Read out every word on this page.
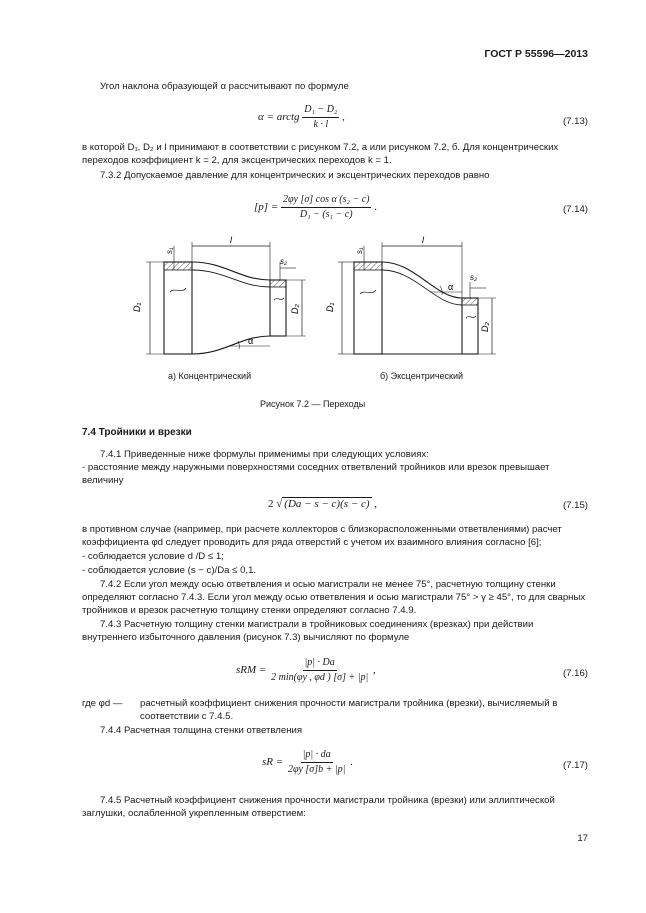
ГОСТ Р 55596—2013
Угол наклона образующей α рассчитывают по формуле
α = arctg $\frac{\text{D₁ − D₂}}{k \cdot l}$ ,	(7.13)
в которой D₁, D₂ и l принимают в соответствии с рисунком 7.2, а или рисунком 7.2, б. Для концентрических переходов коэффициент k = 2, для эксцентрических переходов k = 1.
7.3.2 Допускаемое давление для концентрических и эксцентрических переходов равно
$[p] = \frac{\text{2φy [σ] cos α (s₂ − c)}}{\text{D₁ − (s₁ − c)}}$ .	(7.14)
D₁	D₂
l
s₁
s₂
α
D₁
D₂
l
s₁
s₂
α
а) Концентрический	б) Эксцентрический
Рисунок 7.2 — Переходы
7.4 Тройники и врезки
7.4.1 Приведенные ниже формулы применимы при следующих условиях:
- расстояние между наружными поверхностями соседних ответвлений тройников или врезок превышает величину
2 √ (Da − s − c)(s − c) ,	(7.15)
в противном случае (например, при расчете коллекторов с близкорасположенными ответвлениями) расчет коэффициента φd следует проводить для ряда отверстий с учетом их взаимного влияния согласно [6];
- соблюдается условие d /D ≤ 1;
- соблюдается условие (s − c)/Da ≤ 0,1.
7.4.2 Если угол между осью ответвления и осью магистрали не менее 75°, расчетную толщину стенки определяют согласно 7.4.3. Если угол между осью ответвления и осью магистрали 75° > γ ≥ 45°, то для сварных тройников и врезок расчетную толщину стенки определяют согласно 7.4.9.
7.4.3 Расчетную толщину стенки магистрали в тройниковых соединениях (врезках) при действии внутреннего избыточного давления (рисунок 7.3) вычисляют по формуле
sRM = $\frac{|p| \cdot Da}{2 \min(\varphi y , \varphi d ) [\sigma] + |p|}$ ,	(7.16)
где φd — расчетный коэффициент снижения прочности магистрали тройника (врезки), вычисляемый в соответствии с 7.4.5.
7.4.4 Расчетная толщина стенки ответвления
sR = $\frac{|p| \cdot da}{2\varphi y [\sigma]b + |p|}$ .	(7.17)
7.4.5 Расчетный коэффициент снижения прочности магистрали тройника (врезки) или эллиптической заглушки, ослабленной укрепленным отверстием:
17
